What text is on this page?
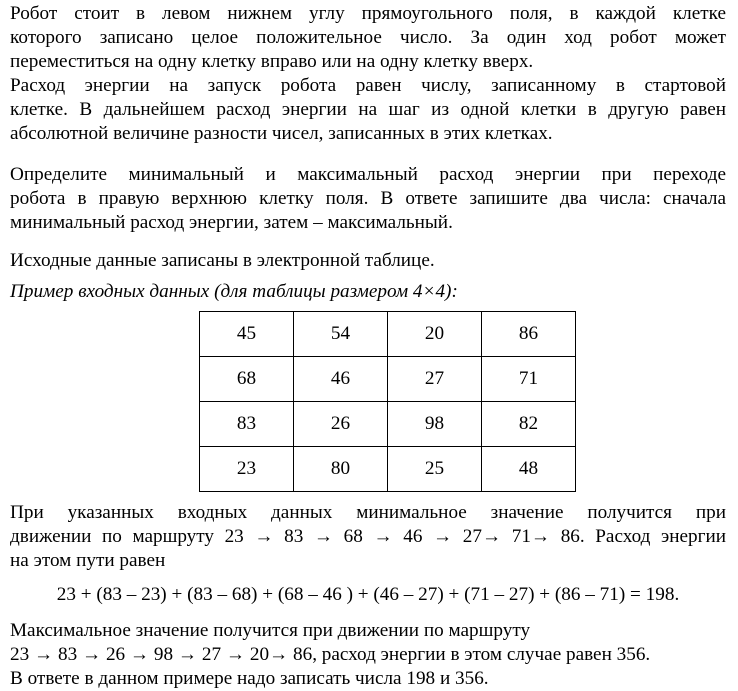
Робот стоит в левом нижнем углу прямоугольного поля, в каждой клетке
которого записано целое положительное число. За один ход робот может
переместиться на одну клетку вправо или на одну клетку вверх.
Расход энергии на запуск робота равен числу, записанному в стартовой
клетке. В дальнейшем расход энергии на шаг из одной клетки в другую равен
абсолютной величине разности чисел, записанных в этих клетках.
Определите минимальный и максимальный расход энергии при переходе
робота в правую верхнюю клетку поля. В ответе запишите два числа: сначала
минимальный расход энергии, затем – максимальный.
Исходные данные записаны в электронной таблице.
Пример входных данных (для таблицы размером 4×4):
45	54	20	86
68	46	27	71
83	26	98	82
23	80	25	48
При указанных входных данных минимальное значение получится при
движении по маршруту 23 → 83 → 68 → 46 → 27→ 71→ 86. Расход энергии
на этом пути равен
23 + (83 – 23) + (83 – 68) + (68 – 46 ) + (46 – 27) + (71 – 27) + (86 – 71) = 198.
Максимальное значение получится при движении по маршруту
23 → 83 → 26 → 98 → 27 → 20→ 86, расход энергии в этом случае равен 356.
В ответе в данном примере надо записать числа 198 и 356.
